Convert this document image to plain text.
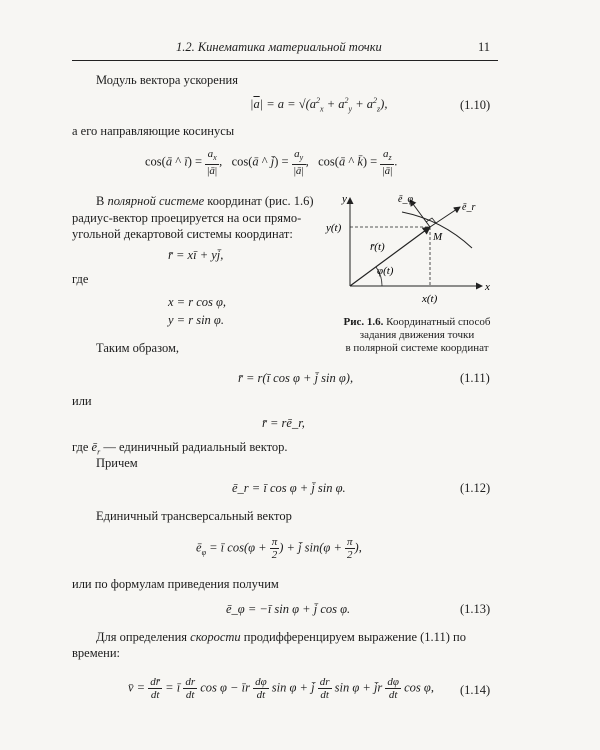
1.2. Кинематика материальной точки	11
Модуль вектора ускорения
$|\overline{a}| = a = √(a^2_x + a^2_y + a^2_z)$,	(1.10)
а его направляющие косинусы
cos(ā ^ ī) = $\frac{a_x}{|ā|}$ ,   cos(ā ^ j̄) = $\frac{a_y}{|ā|}$ ,   cos(ā ^ k̄) = $\frac{a_z}{|ā|}$ .
В полярной системе координат (рис. 1.6)
радиус-вектор проецируется на оси прямо-
угольной декартовой системы координат:
r̄ = xī + yj̄,
где
x = r cos φ,
y = r sin φ.
Таким образом,
y
x
y(t)
x(t)
r̄(t)
φ(t)
M
ē_φ
ē_r
Рис. 1.6. Координатный способ
задания движения точки
в полярной системе координат
r̄ = r(ī cos φ + j̄ sin φ),	(1.11)
или
r̄ = rē_r,
где $ē_r$ — единичный радиальный вектор.
Причем
ē_r = ī cos φ + j̄ sin φ.	(1.12)
Единичный трансверсальный вектор
$ē_\varphi$ = ī $\cos(\varphi + \frac{\pi}{2}$ ) + j̄ $\sin(\varphi + \frac{\pi}{2}$ ),
или по формулам приведения получим
ē_φ = −ī sin φ + j̄ cos φ.	(1.13)
Для определения скорости продифференцируем выражение (1.11) по
времени:
v̄ = $\frac{dr̄}{dt}$ = ī $\frac{dr}{dt}$ cos φ − īr $\frac{d\varphi}{dt}$ sin φ + j̄ $\frac{dr}{dt}$ sin φ + j̄r $\frac{d\varphi}{dt}$ cos φ, (1.14)
